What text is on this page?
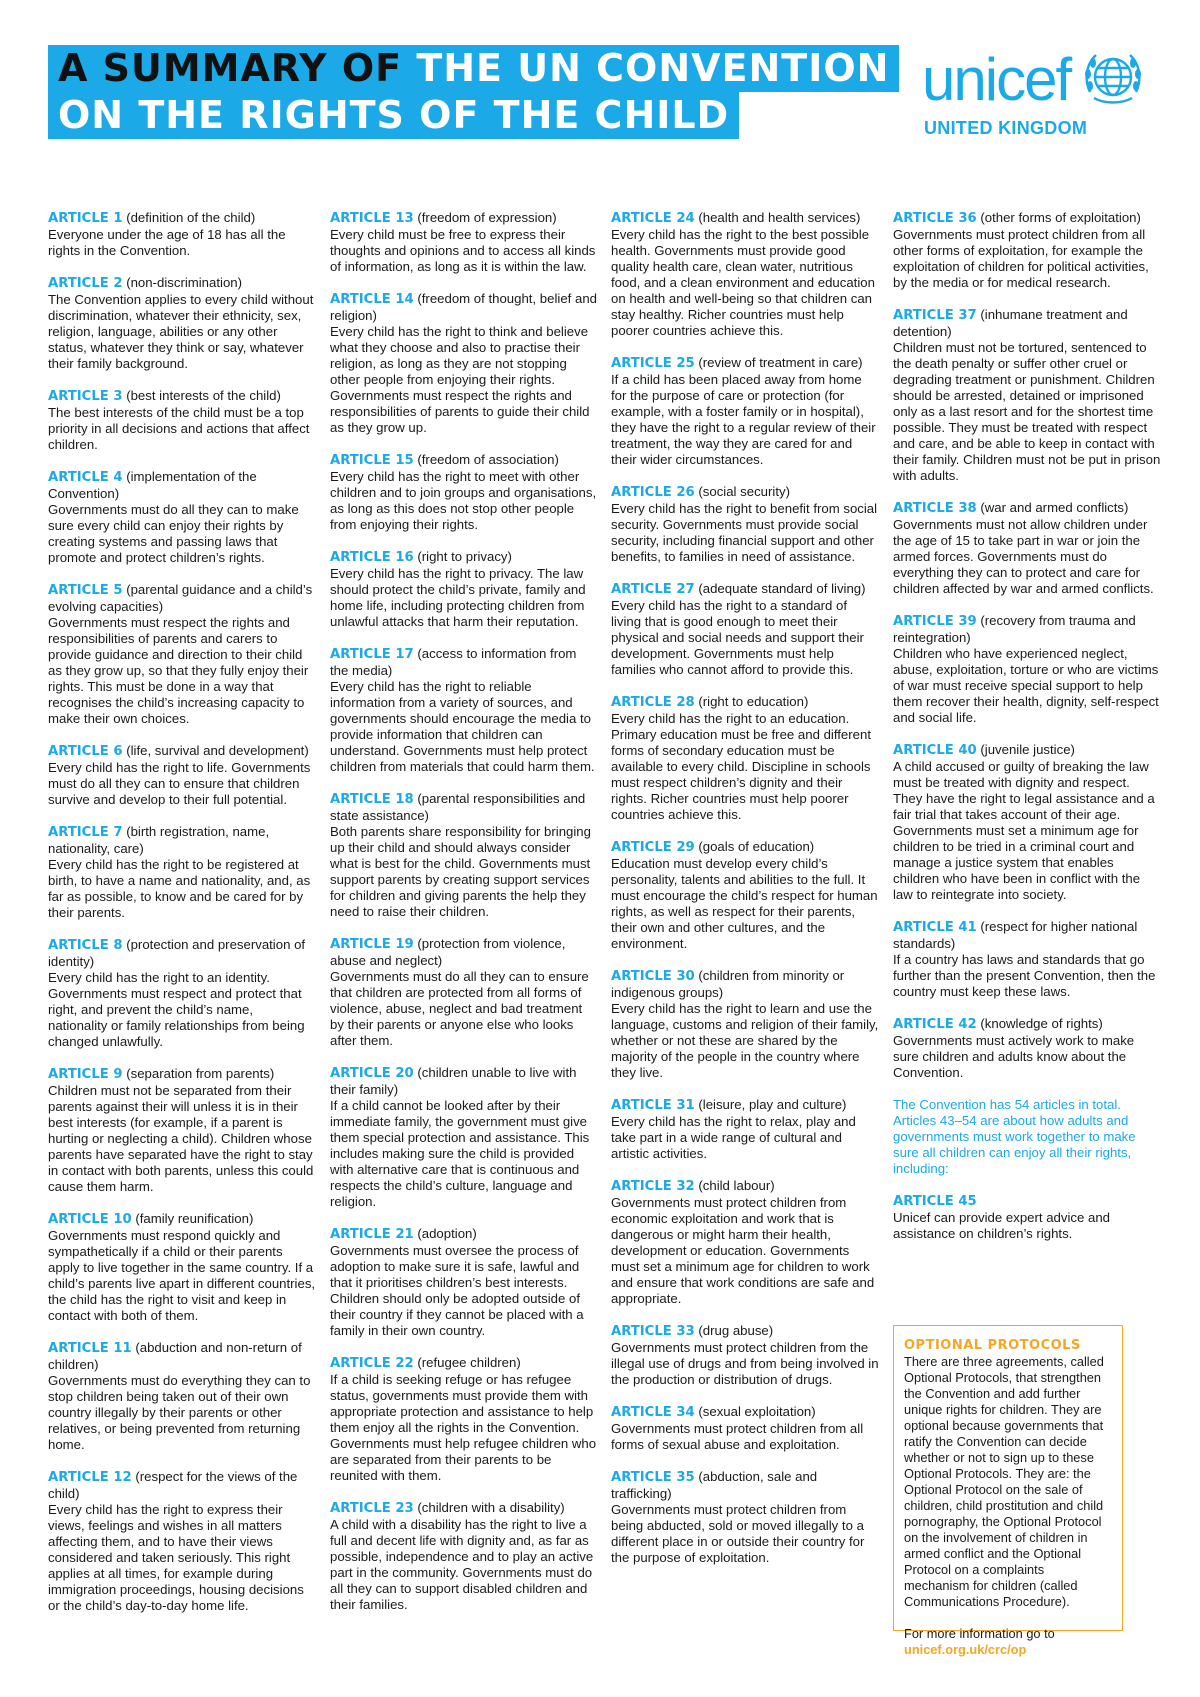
A SUMMARY OF THE UN CONVENTION
ON THE RIGHTS OF THE CHILD
unicef
UNITED KINGDOM
ARTICLE 1 (definition of the child)
Everyone under the age of 18 has all the rights in the Convention.
ARTICLE 2 (non-discrimination)
The Convention applies to every child without discrimination, whatever their ethnicity, sex, religion, language, abilities or any other status, whatever they think or say, whatever their family background.
ARTICLE 3 (best interests of the child)
The best interests of the child must be a top priority in all decisions and actions that affect children.
ARTICLE 4 (implementation of the Convention)
Governments must do all they can to make sure every child can enjoy their rights by creating systems and passing laws that promote and protect children’s rights.
ARTICLE 5 (parental guidance and a child’s evolving capacities)
Governments must respect the rights and responsibilities of parents and carers to provide guidance and direction to their child as they grow up, so that they fully enjoy their rights. This must be done in a way that recognises the child’s increasing capacity to make their own choices.
ARTICLE 6 (life, survival and development)
Every child has the right to life. Governments must do all they can to ensure that children survive and develop to their full potential.
ARTICLE 7 (birth registration, name, nationality, care)
Every child has the right to be registered at birth, to have a name and nationality, and, as far as possible, to know and be cared for by their parents.
ARTICLE 8 (protection and preservation of identity)
Every child has the right to an identity. Governments must respect and protect that right, and prevent the child’s name, nationality or family relationships from being changed unlawfully.
ARTICLE 9 (separation from parents)
Children must not be separated from their parents against their will unless it is in their best interests (for example, if a parent is hurting or neglecting a child). Children whose parents have separated have the right to stay in contact with both parents, unless this could cause them harm.
ARTICLE 10 (family reunification)
Governments must respond quickly and sympathetically if a child or their parents apply to live together in the same country. If a child’s parents live apart in different countries, the child has the right to visit and keep in contact with both of them.
ARTICLE 11 (abduction and non-return of children)
Governments must do everything they can to stop children being taken out of their own country illegally by their parents or other relatives, or being prevented from returning home.
ARTICLE 12 (respect for the views of the child)
Every child has the right to express their views, feelings and wishes in all matters affecting them, and to have their views considered and taken seriously. This right applies at all times, for example during immigration proceedings, housing decisions or the child’s day-to-day home life.
ARTICLE 13 (freedom of expression)
Every child must be free to express their thoughts and opinions and to access all kinds of information, as long as it is within the law.
ARTICLE 14 (freedom of thought, belief and religion)
Every child has the right to think and believe what they choose and also to practise their religion, as long as they are not stopping other people from enjoying their rights. Governments must respect the rights and responsibilities of parents to guide their child as they grow up.
ARTICLE 15 (freedom of association)
Every child has the right to meet with other children and to join groups and organisations, as long as this does not stop other people from enjoying their rights.
ARTICLE 16 (right to privacy)
Every child has the right to privacy. The law should protect the child’s private, family and home life, including protecting children from unlawful attacks that harm their reputation.
ARTICLE 17 (access to information from the media)
Every child has the right to reliable information from a variety of sources, and governments should encourage the media to provide information that children can understand. Governments must help protect children from materials that could harm them.
ARTICLE 18 (parental responsibilities and state assistance)
Both parents share responsibility for bringing up their child and should always consider what is best for the child. Governments must support parents by creating support services for children and giving parents the help they need to raise their children.
ARTICLE 19 (protection from violence, abuse and neglect)
Governments must do all they can to ensure that children are protected from all forms of violence, abuse, neglect and bad treatment by their parents or anyone else who looks after them.
ARTICLE 20 (children unable to live with their family)
If a child cannot be looked after by their immediate family, the government must give them special protection and assistance. This includes making sure the child is provided with alternative care that is continuous and respects the child’s culture, language and religion.
ARTICLE 21 (adoption)
Governments must oversee the process of adoption to make sure it is safe, lawful and that it prioritises children’s best interests. Children should only be adopted outside of their country if they cannot be placed with a family in their own country.
ARTICLE 22 (refugee children)
If a child is seeking refuge or has refugee status, governments must provide them with appropriate protection and assistance to help them enjoy all the rights in the Convention. Governments must help refugee children who are separated from their parents to be reunited with them.
ARTICLE 23 (children with a disability)
A child with a disability has the right to live a full and decent life with dignity and, as far as possible, independence and to play an active part in the community. Governments must do all they can to support disabled children and their families.
ARTICLE 24 (health and health services)
Every child has the right to the best possible health. Governments must provide good quality health care, clean water, nutritious food, and a clean environment and education on health and well-being so that children can stay healthy. Richer countries must help poorer countries achieve this.
ARTICLE 25 (review of treatment in care)
If a child has been placed away from home for the purpose of care or protection (for example, with a foster family or in hospital), they have the right to a regular review of their treatment, the way they are cared for and their wider circumstances.
ARTICLE 26 (social security)
Every child has the right to benefit from social security. Governments must provide social security, including financial support and other benefits, to families in need of assistance.
ARTICLE 27 (adequate standard of living)
Every child has the right to a standard of living that is good enough to meet their physical and social needs and support their development. Governments must help families who cannot afford to provide this.
ARTICLE 28 (right to education)
Every child has the right to an education. Primary education must be free and different forms of secondary education must be available to every child. Discipline in schools must respect children’s dignity and their rights. Richer countries must help poorer countries achieve this.
ARTICLE 29 (goals of education)
Education must develop every child’s personality, talents and abilities to the full. It must encourage the child’s respect for human rights, as well as respect for their parents, their own and other cultures, and the environment.
ARTICLE 30 (children from minority or indigenous groups)
Every child has the right to learn and use the language, customs and religion of their family, whether or not these are shared by the majority of the people in the country where they live.
ARTICLE 31 (leisure, play and culture)
Every child has the right to relax, play and take part in a wide range of cultural and artistic activities.
ARTICLE 32 (child labour)
Governments must protect children from economic exploitation and work that is dangerous or might harm their health, development or education. Governments must set a minimum age for children to work and ensure that work conditions are safe and appropriate.
ARTICLE 33 (drug abuse)
Governments must protect children from the illegal use of drugs and from being involved in the production or distribution of drugs.
ARTICLE 34 (sexual exploitation)
Governments must protect children from all forms of sexual abuse and exploitation.
ARTICLE 35 (abduction, sale and trafficking)
Governments must protect children from being abducted, sold or moved illegally to a different place in or outside their country for the purpose of exploitation.
ARTICLE 36 (other forms of exploitation)
Governments must protect children from all other forms of exploitation, for example the exploitation of children for political activities, by the media or for medical research.
ARTICLE 37 (inhumane treatment and detention)
Children must not be tortured, sentenced to the death penalty or suffer other cruel or degrading treatment or punishment. Children should be arrested, detained or imprisoned only as a last resort and for the shortest time possible. They must be treated with respect and care, and be able to keep in contact with their family. Children must not be put in prison with adults.
ARTICLE 38 (war and armed conflicts)
Governments must not allow children under the age of 15 to take part in war or join the armed forces. Governments must do everything they can to protect and care for children affected by war and armed conflicts.
ARTICLE 39 (recovery from trauma and reintegration)
Children who have experienced neglect, abuse, exploitation, torture or who are victims of war must receive special support to help them recover their health, dignity, self-respect and social life.
ARTICLE 40 (juvenile justice)
A child accused or guilty of breaking the law must be treated with dignity and respect. They have the right to legal assistance and a fair trial that takes account of their age. Governments must set a minimum age for children to be tried in a criminal court and manage a justice system that enables children who have been in conflict with the law to reintegrate into society.
ARTICLE 41 (respect for higher national standards)
If a country has laws and standards that go further than the present Convention, then the country must keep these laws.
ARTICLE 42 (knowledge of rights)
Governments must actively work to make sure children and adults know about the Convention.
The Convention has 54 articles in total. Articles 43–54 are about how adults and governments must work together to make sure all children can enjoy all their rights, including:
ARTICLE 45
Unicef can provide expert advice and assistance on children’s rights.
OPTIONAL PROTOCOLS
There are three agreements, called Optional Protocols, that strengthen the Convention and add further unique rights for children. They are optional because governments that ratify the Convention can decide whether or not to sign up to these Optional Protocols. They are: the Optional Protocol on the sale of children, child prostitution and child pornography, the Optional Protocol on the involvement of children in armed conflict and the Optional Protocol on a complaints mechanism for children (called Communications Procedure).
For more information go to
unicef.org.uk/crc/op
